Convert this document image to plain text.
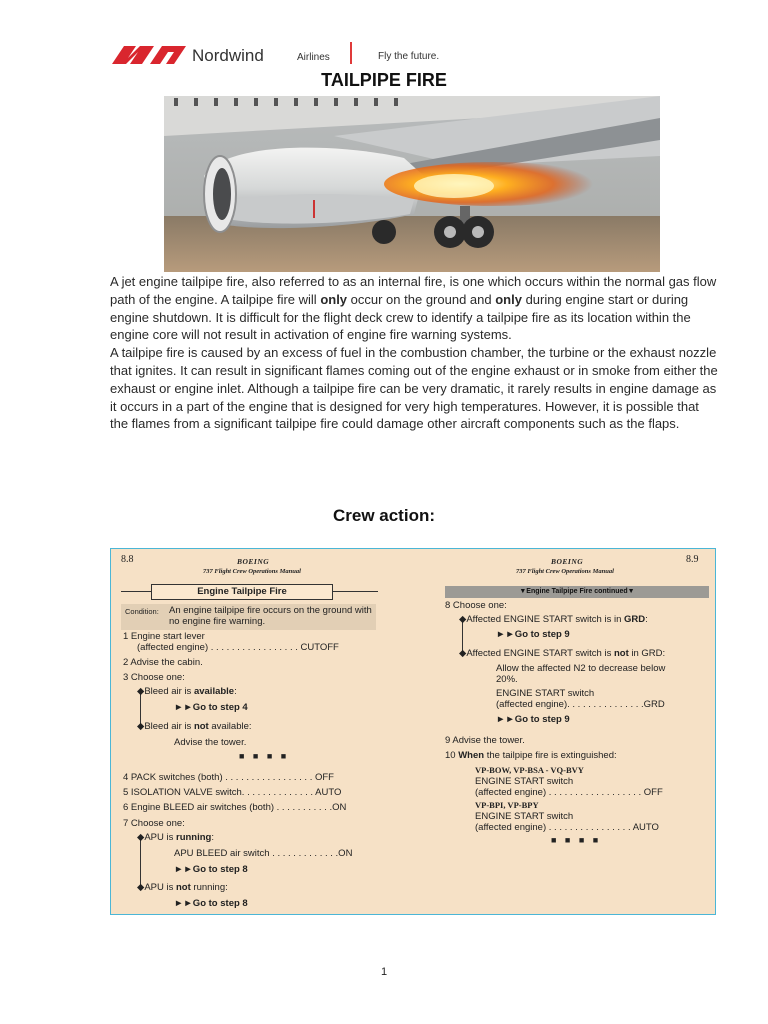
Nordwind	Airlines	Fly the future.
TAILPIPE FIRE

A jet engine tailpipe fire, also referred to as an internal fire, is one which occurs within the normal gas flow path of the engine. A tailpipe fire will only occur on the ground and only during engine start or during engine shutdown. It is difficult for the flight deck crew to identify a tailpipe fire as its location within the engine core will not result in activation of engine fire warning systems.

A tailpipe fire is caused by an excess of fuel in the combustion chamber, the turbine or the exhaust nozzle that ignites. It can result in significant flames coming out of the engine exhaust or in smoke from either the exhaust or engine inlet. Although a tailpipe fire can be very dramatic, it rarely results in engine damage as it occurs in a part of the engine that is designed for very high temperatures. However, it is possible that the flames from a significant tailpipe fire could damage other aircraft components such as the flaps.

Crew action:
8.8	BOEING
737 Flight Crew Operations Manual
Engine Tailpipe Fire
Condition: An engine tailpipe fire occurs on the ground with no engine fire warning.
1 Engine start lever
(affected engine) . . . . . . . . . . . . . . . . . CUTOFF
2 Advise the cabin.
3 Choose one:
◆Bleed air is available:
►►Go to step 4
◆Bleed air is not available:
Advise the tower.
■ ■ ■ ■
4 PACK switches (both) . . . . . . . . . . . . . . . . . OFF
5 ISOLATION VALVE switch. . . . . . . . . . . . . . AUTO
6 Engine BLEED air switches (both) . . . . . . . . . . .ON
7 Choose one:
◆APU is running:
APU BLEED air switch . . . . . . . . . . . . .ON
►►Go to step 8
◆APU is not running:
►►Go to step 8
8.9
BOEING
737 Flight Crew Operations Manual
▼Engine Tailpipe Fire continued▼
8 Choose one:
◆Affected ENGINE START switch is in GRD:
►►Go to step 9
◆Affected ENGINE START switch is not in GRD:
Allow the affected N2 to decrease below
20%.
ENGINE START switch
(affected engine). . . . . . . . . . . . . . .GRD
►►Go to step 9
9 Advise the tower.
10 When the tailpipe fire is extinguished:
VP-BOW, VP-BSA - VQ-BVY
ENGINE START switch
(affected engine) . . . . . . . . . . . . . . . . . . OFF
VP-BPI, VP-BPY
ENGINE START switch
(affected engine) . . . . . . . . . . . . . . . . AUTO
■ ■ ■ ■
1
